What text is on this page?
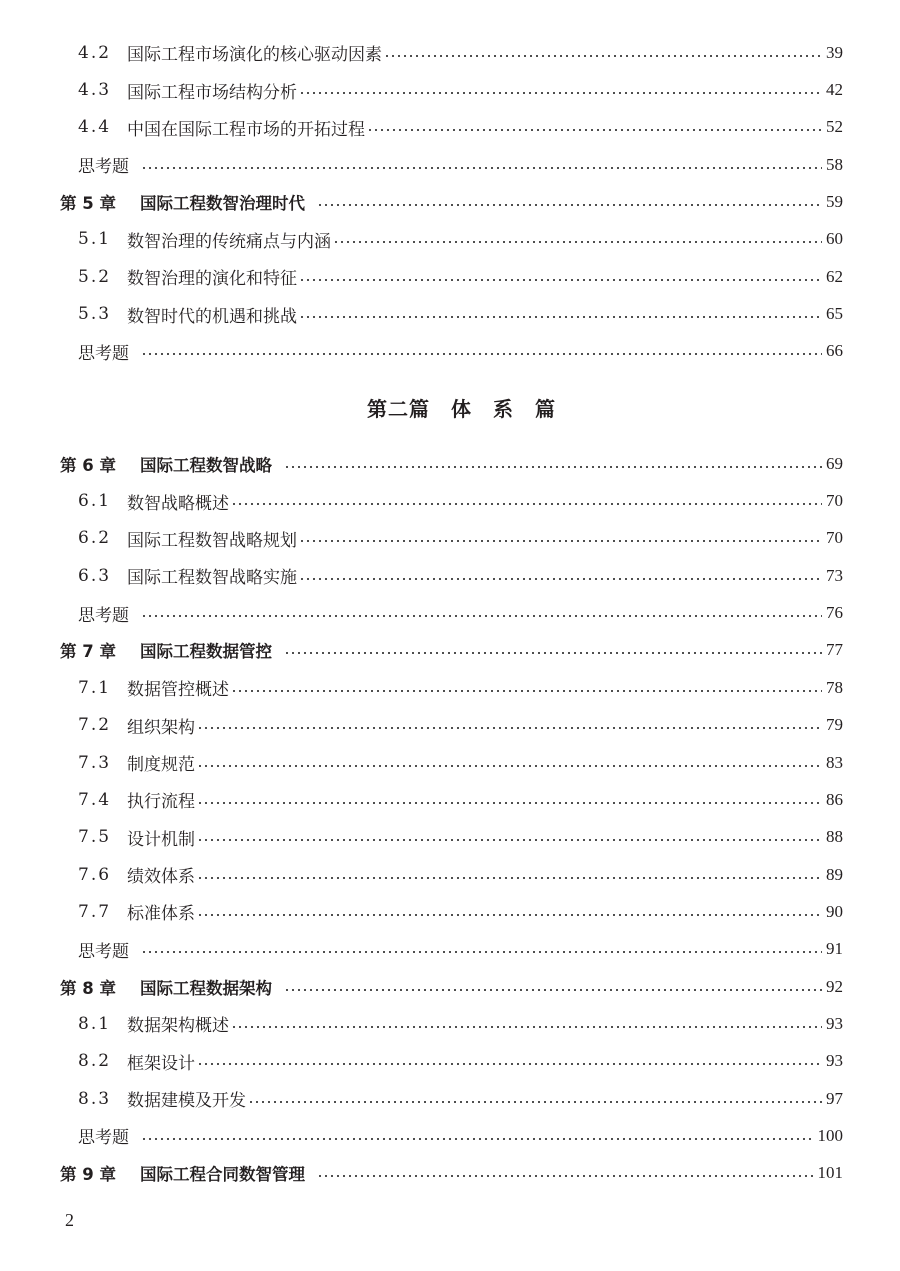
4.2 国际工程市场演化的核心驱动因素	39
4.3 国际工程市场结构分析	42
4.4 中国在国际工程市场的开拓过程	52
思考题	58
第 5 章	国际工程数智治理时代	59
5.1 数智治理的传统痛点与内涵	60
5.2 数智治理的演化和特征	62
5.3 数智时代的机遇和挑战	65
思考题	66
第二篇　体　系　篇
第 6 章	国际工程数智战略	69
6.1 数智战略概述	70
6.2 国际工程数智战略规划	70
6.3 国际工程数智战略实施	73
思考题	76
第 7 章	国际工程数据管控	77
7.1 数据管控概述	78
7.2 组织架构	79
7.3 制度规范	83
7.4 执行流程	86
7.5 设计机制	88
7.6 绩效体系	89
7.7 标准体系	90
思考题	91
第 8 章	国际工程数据架构	92
8.1 数据架构概述	93
8.2 框架设计	93
8.3 数据建模及开发	97
思考题	100
第 9 章	国际工程合同数智管理	101
2
